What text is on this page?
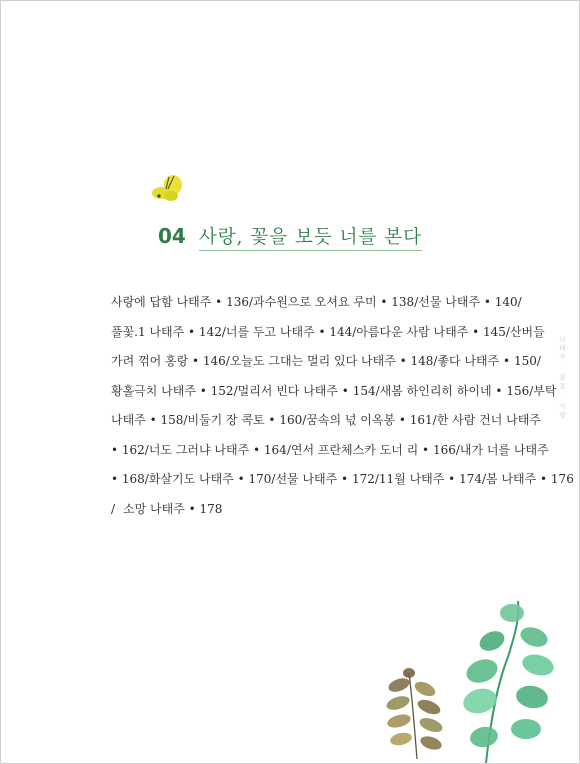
04 사랑, 꽃을 보듯 너를 본다
사랑에 답함 나태주 • 136 / 과수원으로 오셔요 루미 • 138 / 선물 나태주 • 140 /
풀꽃.1 나태주 • 142 / 너를 두고 나태주 • 144 / 아름다운 사람 나태주 • 145 / 산버들
가려 꺾어 홍랑 • 146 / 오늘도 그대는 멀리 있다 나태주 • 148 / 좋다 나태주 • 150 /
황홀극치 나태주 • 152 / 멀리서 빈다 나태주 • 154 / 새봄 하인리히 하이네 • 156 / 부탁
나태주 • 158 / 비둘기 장 콕토 • 160 / 꿈속의 넋 이옥봉 • 161 / 한 사람 건너 나태주
• 162 / 너도 그러냐 나태주 • 164 / 연서 프란체스카 도너 리 • 166 / 내가 너를 나태주
• 168 / 화살기도 나태주 • 170 / 선물 나태주 • 172 / 11월 나태주 • 174 / 봄 나태주 • 176
/ 소망 나태주 • 178
나태주 · 풀꽃 · 사랑
